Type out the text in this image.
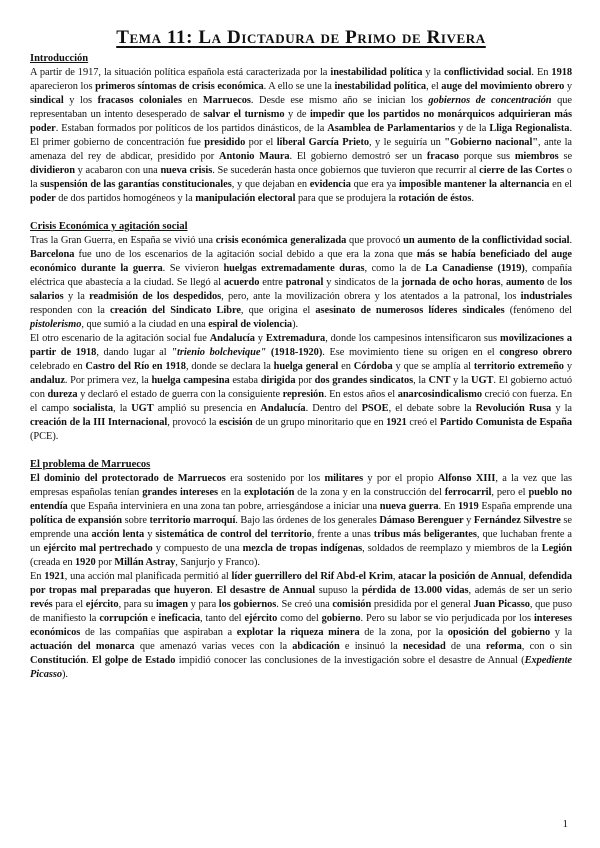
Tema 11: La Dictadura de Primo de Rivera
Introducción

A partir de 1917, la situación política española está caracterizada por la inestabilidad política y la conflictividad social. En 1918 aparecieron los primeros síntomas de crisis económica. A ello se une la inestabilidad política, el auge del movimiento obrero y sindical y los fracasos coloniales en Marruecos. Desde ese mismo año se inician los gobiernos de concentración que representaban un intento desesperado de salvar el turnismo y de impedir que los partidos no monárquicos adquirieran más poder. Estaban formados por políticos de los partidos dinásticos, de la Asamblea de Parlamentarios y de la Lliga Regionalista. El primer gobierno de concentración fue presidido por el liberal García Prieto, y le seguiría un "Gobierno nacional", ante la amenaza del rey de abdicar, presidido por Antonio Maura. El gobierno demostró ser un fracaso porque sus miembros se dividieron y acabaron con una nueva crisis. Se sucederán hasta once gobiernos que tuvieron que recurrir al cierre de las Cortes o la suspensión de las garantías constitucionales, y que dejaban en evidencia que era ya imposible mantener la alternancia en el poder de dos partidos homogéneos y la manipulación electoral para que se produjera la rotación de éstos.

Crisis Económica y agitación social

Tras la Gran Guerra, en España se vivió una crisis económica generalizada que provocó un aumento de la conflictividad social. Barcelona fue uno de los escenarios de la agitación social debido a que era la zona que más se había beneficiado del auge económico durante la guerra. Se vivieron huelgas extremadamente duras, como la de La Canadiense (1919), compañía eléctrica que abastecía a la ciudad. Se llegó al acuerdo entre patronal y sindicatos de la jornada de ocho horas, aumento de los salarios y la readmisión de los despedidos, pero, ante la movilización obrera y los atentados a la patronal, los industriales responden con la creación del Sindicato Libre, que origina el asesinato de numerosos líderes sindicales (fenómeno del pistolerismo, que sumió a la ciudad en una espiral de violencia).

El otro escenario de la agitación social fue Andalucía y Extremadura, donde los campesinos intensificaron sus movilizaciones a partir de 1918, dando lugar al "trienio bolchevique" (1918-1920). Ese movimiento tiene su origen en el congreso obrero celebrado en Castro del Río en 1918, donde se declara la huelga general en Córdoba y que se amplía al territorio extremeño y andaluz. Por primera vez, la huelga campesina estaba dirigida por dos grandes sindicatos, la CNT y la UGT. El gobierno actuó con dureza y declaró el estado de guerra con la consiguiente represión. En estos años el anarcosindicalismo creció con fuerza. En el campo socialista, la UGT amplió su presencia en Andalucía. Dentro del PSOE, el debate sobre la Revolución Rusa y la creación de la III Internacional, provocó la escisión de un grupo minoritario que en 1921 creó el Partido Comunista de España (PCE).

El problema de Marruecos

El dominio del protectorado de Marruecos era sostenido por los militares y por el propio Alfonso XIII, a la vez que las empresas españolas tenían grandes intereses en la explotación de la zona y en la construcción del ferrocarril, pero el pueblo no entendía que España interviniera en una zona tan pobre, arriesgándose a iniciar una nueva guerra. En 1919 España emprende una política de expansión sobre territorio marroquí. Bajo las órdenes de los generales Dámaso Berenguer y Fernández Silvestre se emprende una acción lenta y sistemática de control del territorio, frente a unas tribus más beligerantes, que luchaban frente a un ejército mal pertrechado y compuesto de una mezcla de tropas indígenas, soldados de reemplazo y miembros de la Legión (creada en 1920 por Millán Astray, Sanjurjo y Franco).

En 1921, una acción mal planificada permitió al líder guerrillero del Rif Abd-el Krim, atacar la posición de Annual, defendida por tropas mal preparadas que huyeron. El desastre de Annual supuso la pérdida de 13.000 vidas, además de ser un serio revés para el ejército, para su imagen y para los gobiernos. Se creó una comisión presidida por el general Juan Picasso, que puso de manifiesto la corrupción e ineficacia, tanto del ejército como del gobierno. Pero su labor se vio perjudicada por los intereses económicos de las compañías que aspiraban a explotar la riqueza minera de la zona, por la oposición del gobierno y la actuación del monarca que amenazó varias veces con la abdicación e insinuó la necesidad de una reforma, con o sin Constitución. El golpe de Estado impidió conocer las conclusiones de la investigación sobre el desastre de Annual (Expediente Picasso).

1
